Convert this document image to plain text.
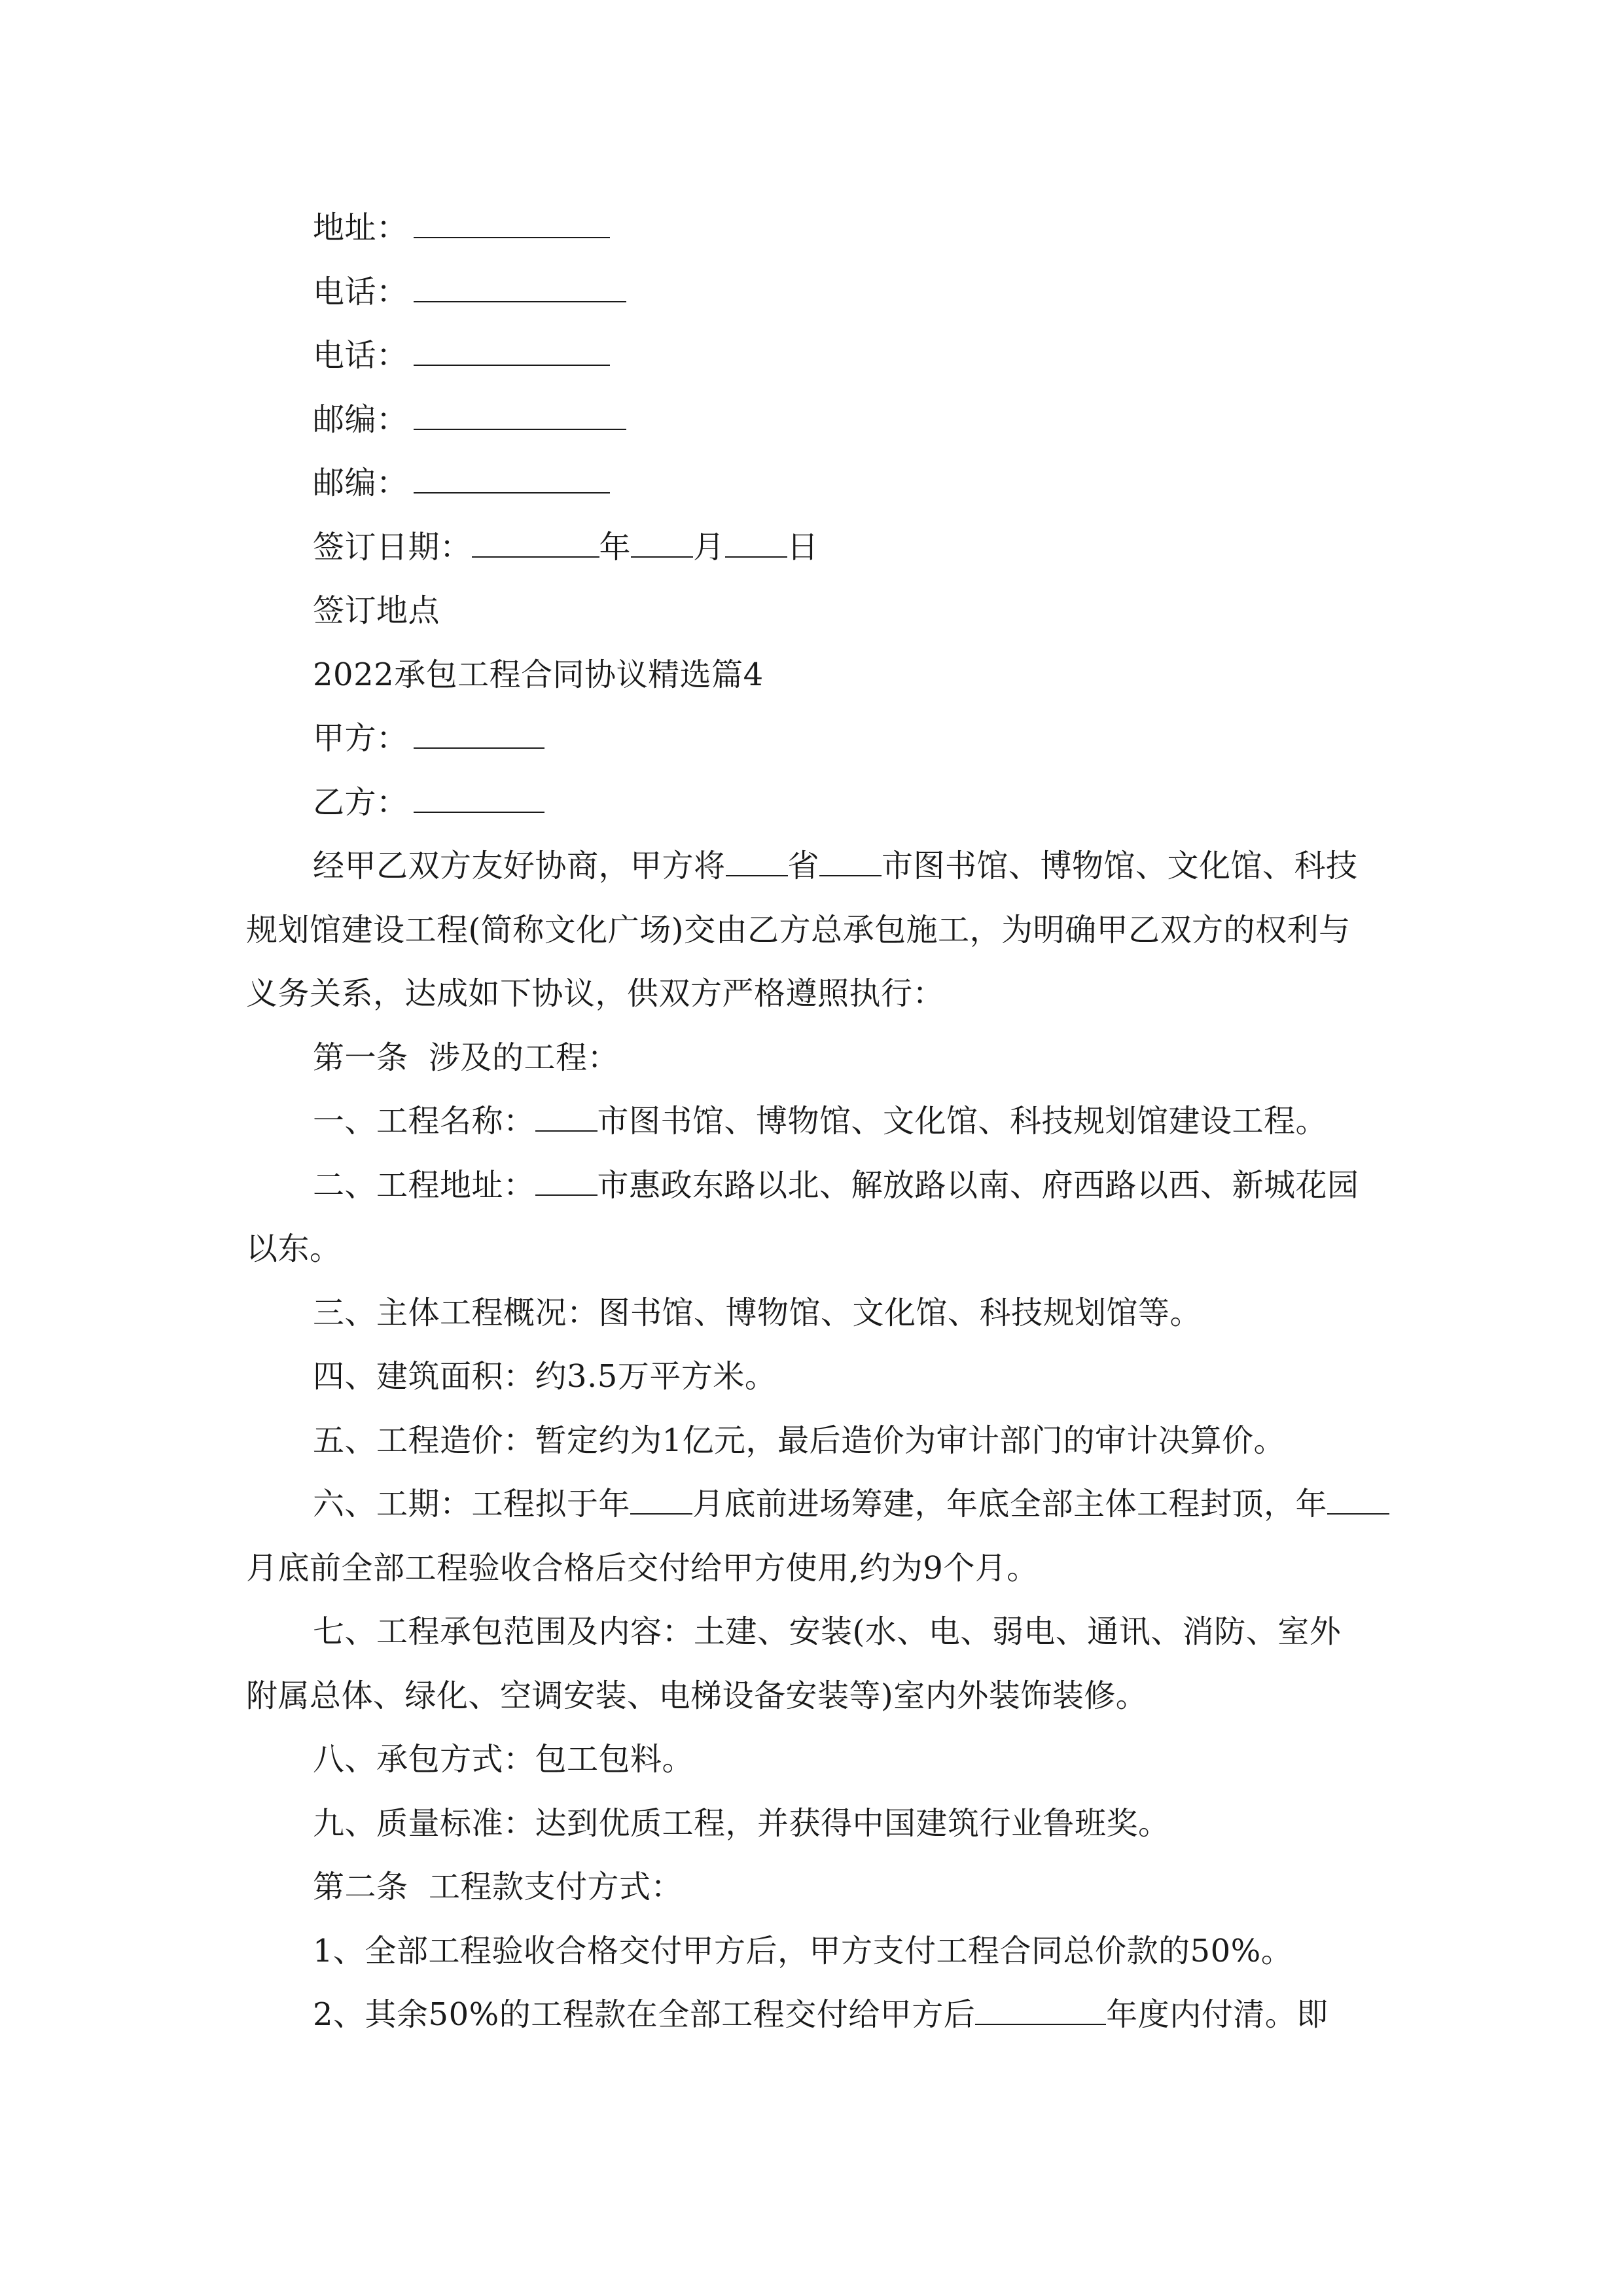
地址：
电话：
电话：
邮编：
邮编：
签订日期：	年 月 日
签订地点
2022承包工程合同协议精选篇4
甲方：
乙方：
经甲乙双方友好协商，甲方将 省 市图书馆、博物馆、文化馆、科技
规划馆建设工程(简称文化广场)交由乙方总承包施工，为明确甲乙双方的权利与
义务关系，达成如下协议，供双方严格遵照执行：
第一条  涉及的工程：
一、工程名称： 市图书馆、博物馆、文化馆、科技规划馆建设工程。
二、工程地址： 市惠政东路以北、解放路以南、府西路以西、新城花园
以东。
三、主体工程概况：图书馆、博物馆、文化馆、科技规划馆等。
四、建筑面积：约3.5万平方米。
五、工程造价：暂定约为1亿元，最后造价为审计部门的审计决算价。
六、工期：工程拟于年 月底前进场筹建，年底全部主体工程封顶，年
月底前全部工程验收合格后交付给甲方使用,约为9个月。
七、工程承包范围及内容：土建、安装(水、电、弱电、通讯、消防、室外
附属总体、绿化、空调安装、电梯设备安装等)室内外装饰装修。
八、承包方式：包工包料。
九、质量标准：达到优质工程，并获得中国建筑行业鲁班奖。
第二条  工程款支付方式：
1、全部工程验收合格交付甲方后，甲方支付工程合同总价款的50%。
2、其余50%的工程款在全部工程交付给甲方后	年度内付清。即
